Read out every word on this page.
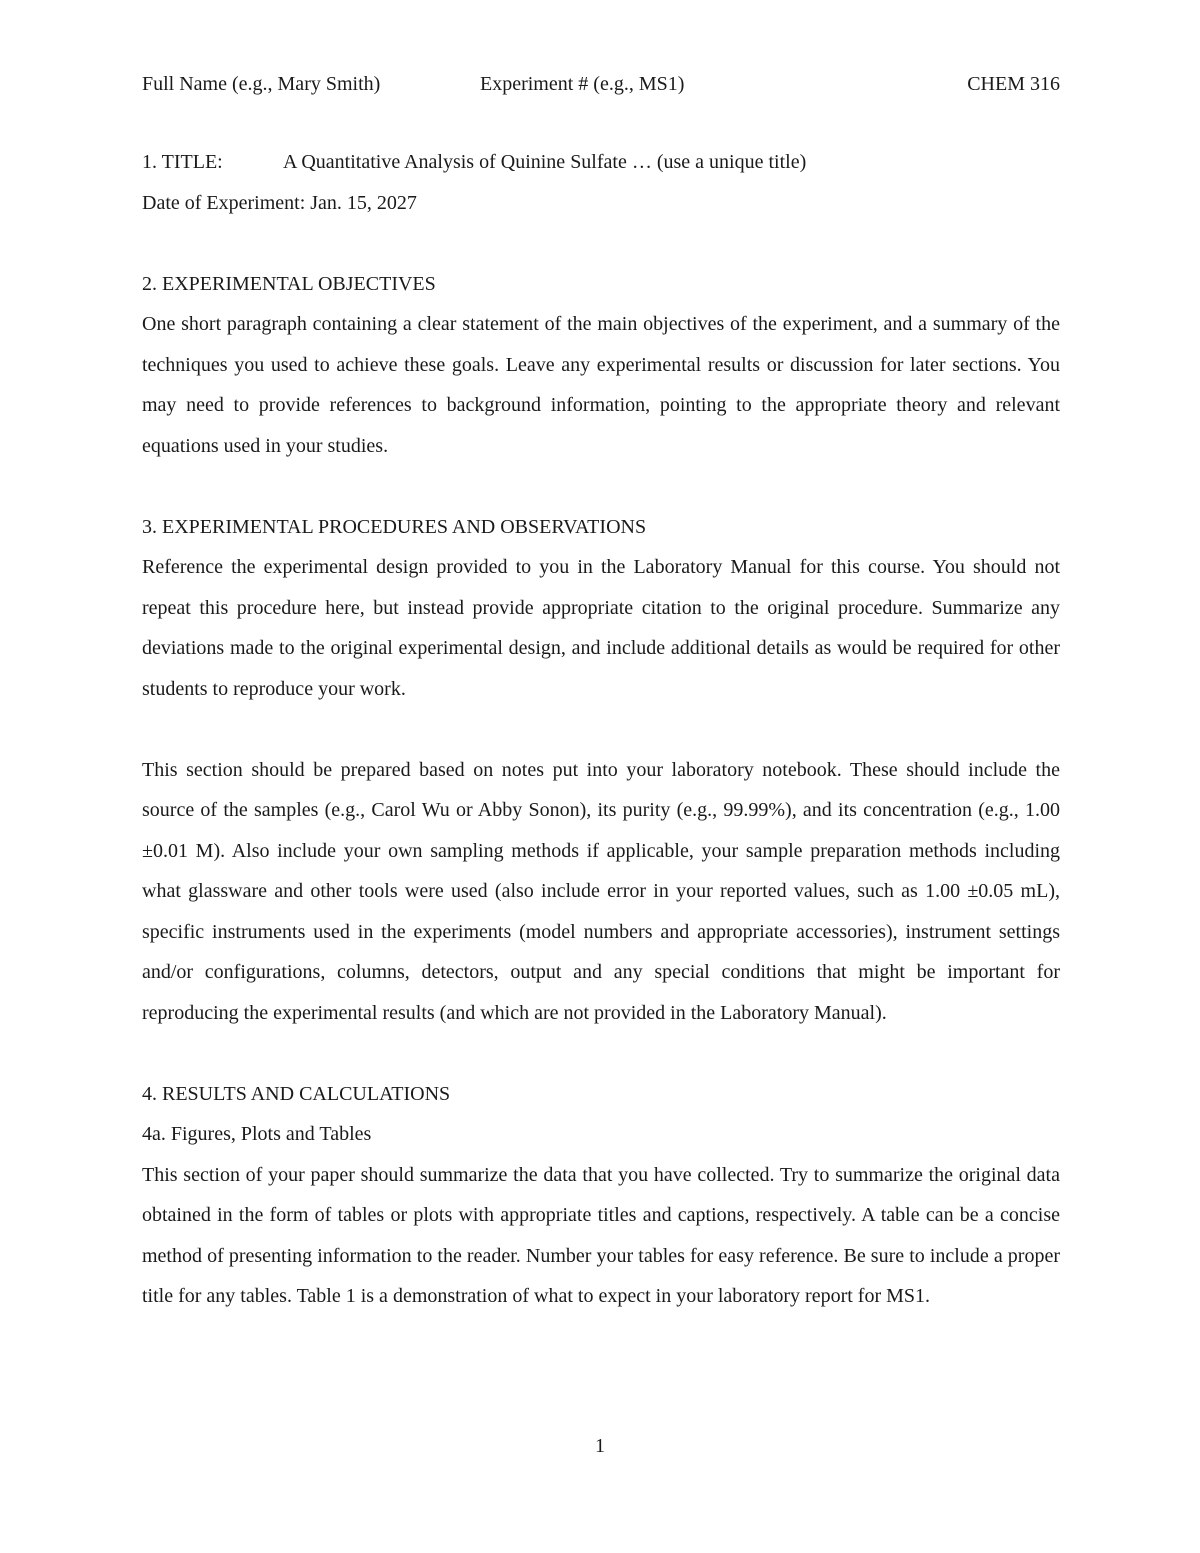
Full Name (e.g., Mary Smith)	Experiment # (e.g., MS1)	CHEM 316

1. TITLE:	A Quantitative Analysis of Quinine Sulfate … (use a unique title)

Date of Experiment: Jan. 15, 2027

2. EXPERIMENTAL OBJECTIVES

One short paragraph containing a clear statement of the main objectives of the experiment, and a summary of the techniques you used to achieve these goals. Leave any experimental results or discussion for later sections. You may need to provide references to background information, pointing to the appropriate theory and relevant equations used in your studies.

3. EXPERIMENTAL PROCEDURES AND OBSERVATIONS

Reference the experimental design provided to you in the Laboratory Manual for this course. You should not repeat this procedure here, but instead provide appropriate citation to the original procedure. Summarize any deviations made to the original experimental design, and include additional details as would be required for other students to reproduce your work.

This section should be prepared based on notes put into your laboratory notebook. These should include the source of the samples (e.g., Carol Wu or Abby Sonon), its purity (e.g., 99.99%), and its concentration (e.g., 1.00 ±0.01 M). Also include your own sampling methods if applicable, your sample preparation methods including what glassware and other tools were used (also include error in your reported values, such as 1.00 ±0.05 mL), specific instruments used in the experiments (model numbers and appropriate accessories), instrument settings and/or configurations, columns, detectors, output and any special conditions that might be important for reproducing the experimental results (and which are not provided in the Laboratory Manual).

4. RESULTS AND CALCULATIONS

4a. Figures, Plots and Tables

This section of your paper should summarize the data that you have collected. Try to summarize the original data obtained in the form of tables or plots with appropriate titles and captions, respectively. A table can be a concise method of presenting information to the reader. Number your tables for easy reference. Be sure to include a proper title for any tables. Table 1 is a demonstration of what to expect in your laboratory report for MS1.

1
